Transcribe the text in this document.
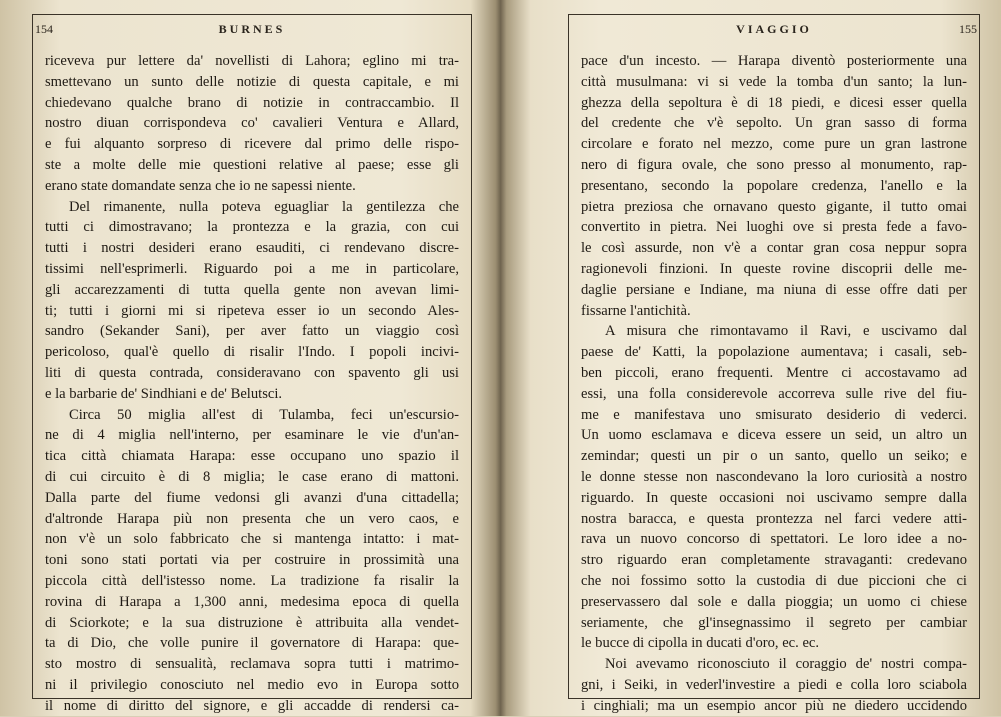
154	BURNES
riceveva pur lettere da' novellisti di Lahora; eglino mi tra-
smettevano un sunto delle notizie di questa capitale, e mi
chiedevano qualche brano di notizie in contraccambio. Il
nostro diuan corrispondeva co' cavalieri Ventura e Allard,
e fui alquanto sorpreso di ricevere dal primo delle rispo-
ste a molte delle mie questioni relative al paese; esse gli
erano state domandate senza che io ne sapessi niente.
Del rimanente, nulla poteva eguagliar la gentilezza che
tutti ci dimostravano; la prontezza e la grazia, con cui
tutti i nostri desideri erano esauditi, ci rendevano discre-
tissimi nell'esprimerli. Riguardo poi a me in particolare,
gli accarezzamenti di tutta quella gente non avevan limi-
ti; tutti i giorni mi si ripeteva esser io un secondo Ales-
sandro (Sekander Sani), per aver fatto un viaggio così
pericoloso, qual'è quello di risalir l'Indo. I popoli incivi-
liti di questa contrada, consideravano con spavento gli usi
e la barbarie de' Sindhiani e de' Belutsci.
Circa 50 miglia all'est di Tulamba, feci un'escursio-
ne di 4 miglia nell'interno, per esaminare le vie d'un'an-
tica città chiamata Harapa: esse occupano uno spazio il
di cui circuito è di 8 miglia; le case erano di mattoni.
Dalla parte del fiume vedonsi gli avanzi d'una cittadella;
d'altronde Harapa più non presenta che un vero caos, e
non v'è un solo fabbricato che si mantenga intatto: i mat-
toni sono stati portati via per costruire in prossimità una
piccola città dell'istesso nome. La tradizione fa risalir la
rovina di Harapa a 1,300 anni, medesima epoca di quella
di Sciorkote; e la sua distruzione è attribuita alla vendet-
ta di Dio, che volle punire il governatore di Harapa: que-
sto mostro di sensualità, reclamava sopra tutti i matrimo-
ni il privilegio conosciuto nel medio evo in Europa sotto
il nome di diritto del signore, e gli accadde di rendersi ca-
VIAGGIO	155
pace d'un incesto. — Harapa diventò posteriormente una
città musulmana: vi si vede la tomba d'un santo; la lun-
ghezza della sepoltura è di 18 piedi, e dicesi esser quella
del credente che v'è sepolto. Un gran sasso di forma
circolare e forato nel mezzo, come pure un gran lastrone
nero di figura ovale, che sono presso al monumento, rap-
presentano, secondo la popolare credenza, l'anello e la
pietra preziosa che ornavano questo gigante, il tutto omai
convertito in pietra. Nei luoghi ove si presta fede a favo-
le così assurde, non v'è a contar gran cosa neppur sopra
ragionevoli finzioni. In queste rovine discoprii delle me-
daglie persiane e Indiane, ma niuna di esse offre dati per
fissarne l'antichità.
A misura che rimontavamo il Ravi, e uscivamo dal
paese de' Katti, la popolazione aumentava; i casali, seb-
ben piccoli, erano frequenti. Mentre ci accostavamo ad
essi, una folla considerevole accorreva sulle rive del fiu-
me e manifestava uno smisurato desiderio di vederci.
Un uomo esclamava e diceva essere un seid, un altro un
zemindar; questi un pir o un santo, quello un seiko; e
le donne stesse non nascondevano la loro curiosità a nostro
riguardo. In queste occasioni noi uscivamo sempre dalla
nostra baracca, e questa prontezza nel farci vedere atti-
rava un nuovo concorso di spettatori. Le loro idee a no-
stro riguardo eran completamente stravaganti: credevano
che noi fossimo sotto la custodia di due piccioni che ci
preservassero dal sole e dalla pioggia; un uomo ci chiese
seriamente, che gl'insegnassimo il segreto per cambiar
le bucce di cipolla in ducati d'oro, ec. ec.
Noi avevamo riconosciuto il coraggio de' nostri compa-
gni, i Seiki, in vederl'investire a piedi e colla loro sciabola
i cinghiali; ma un esempio ancor più ne diedero uccidendo
